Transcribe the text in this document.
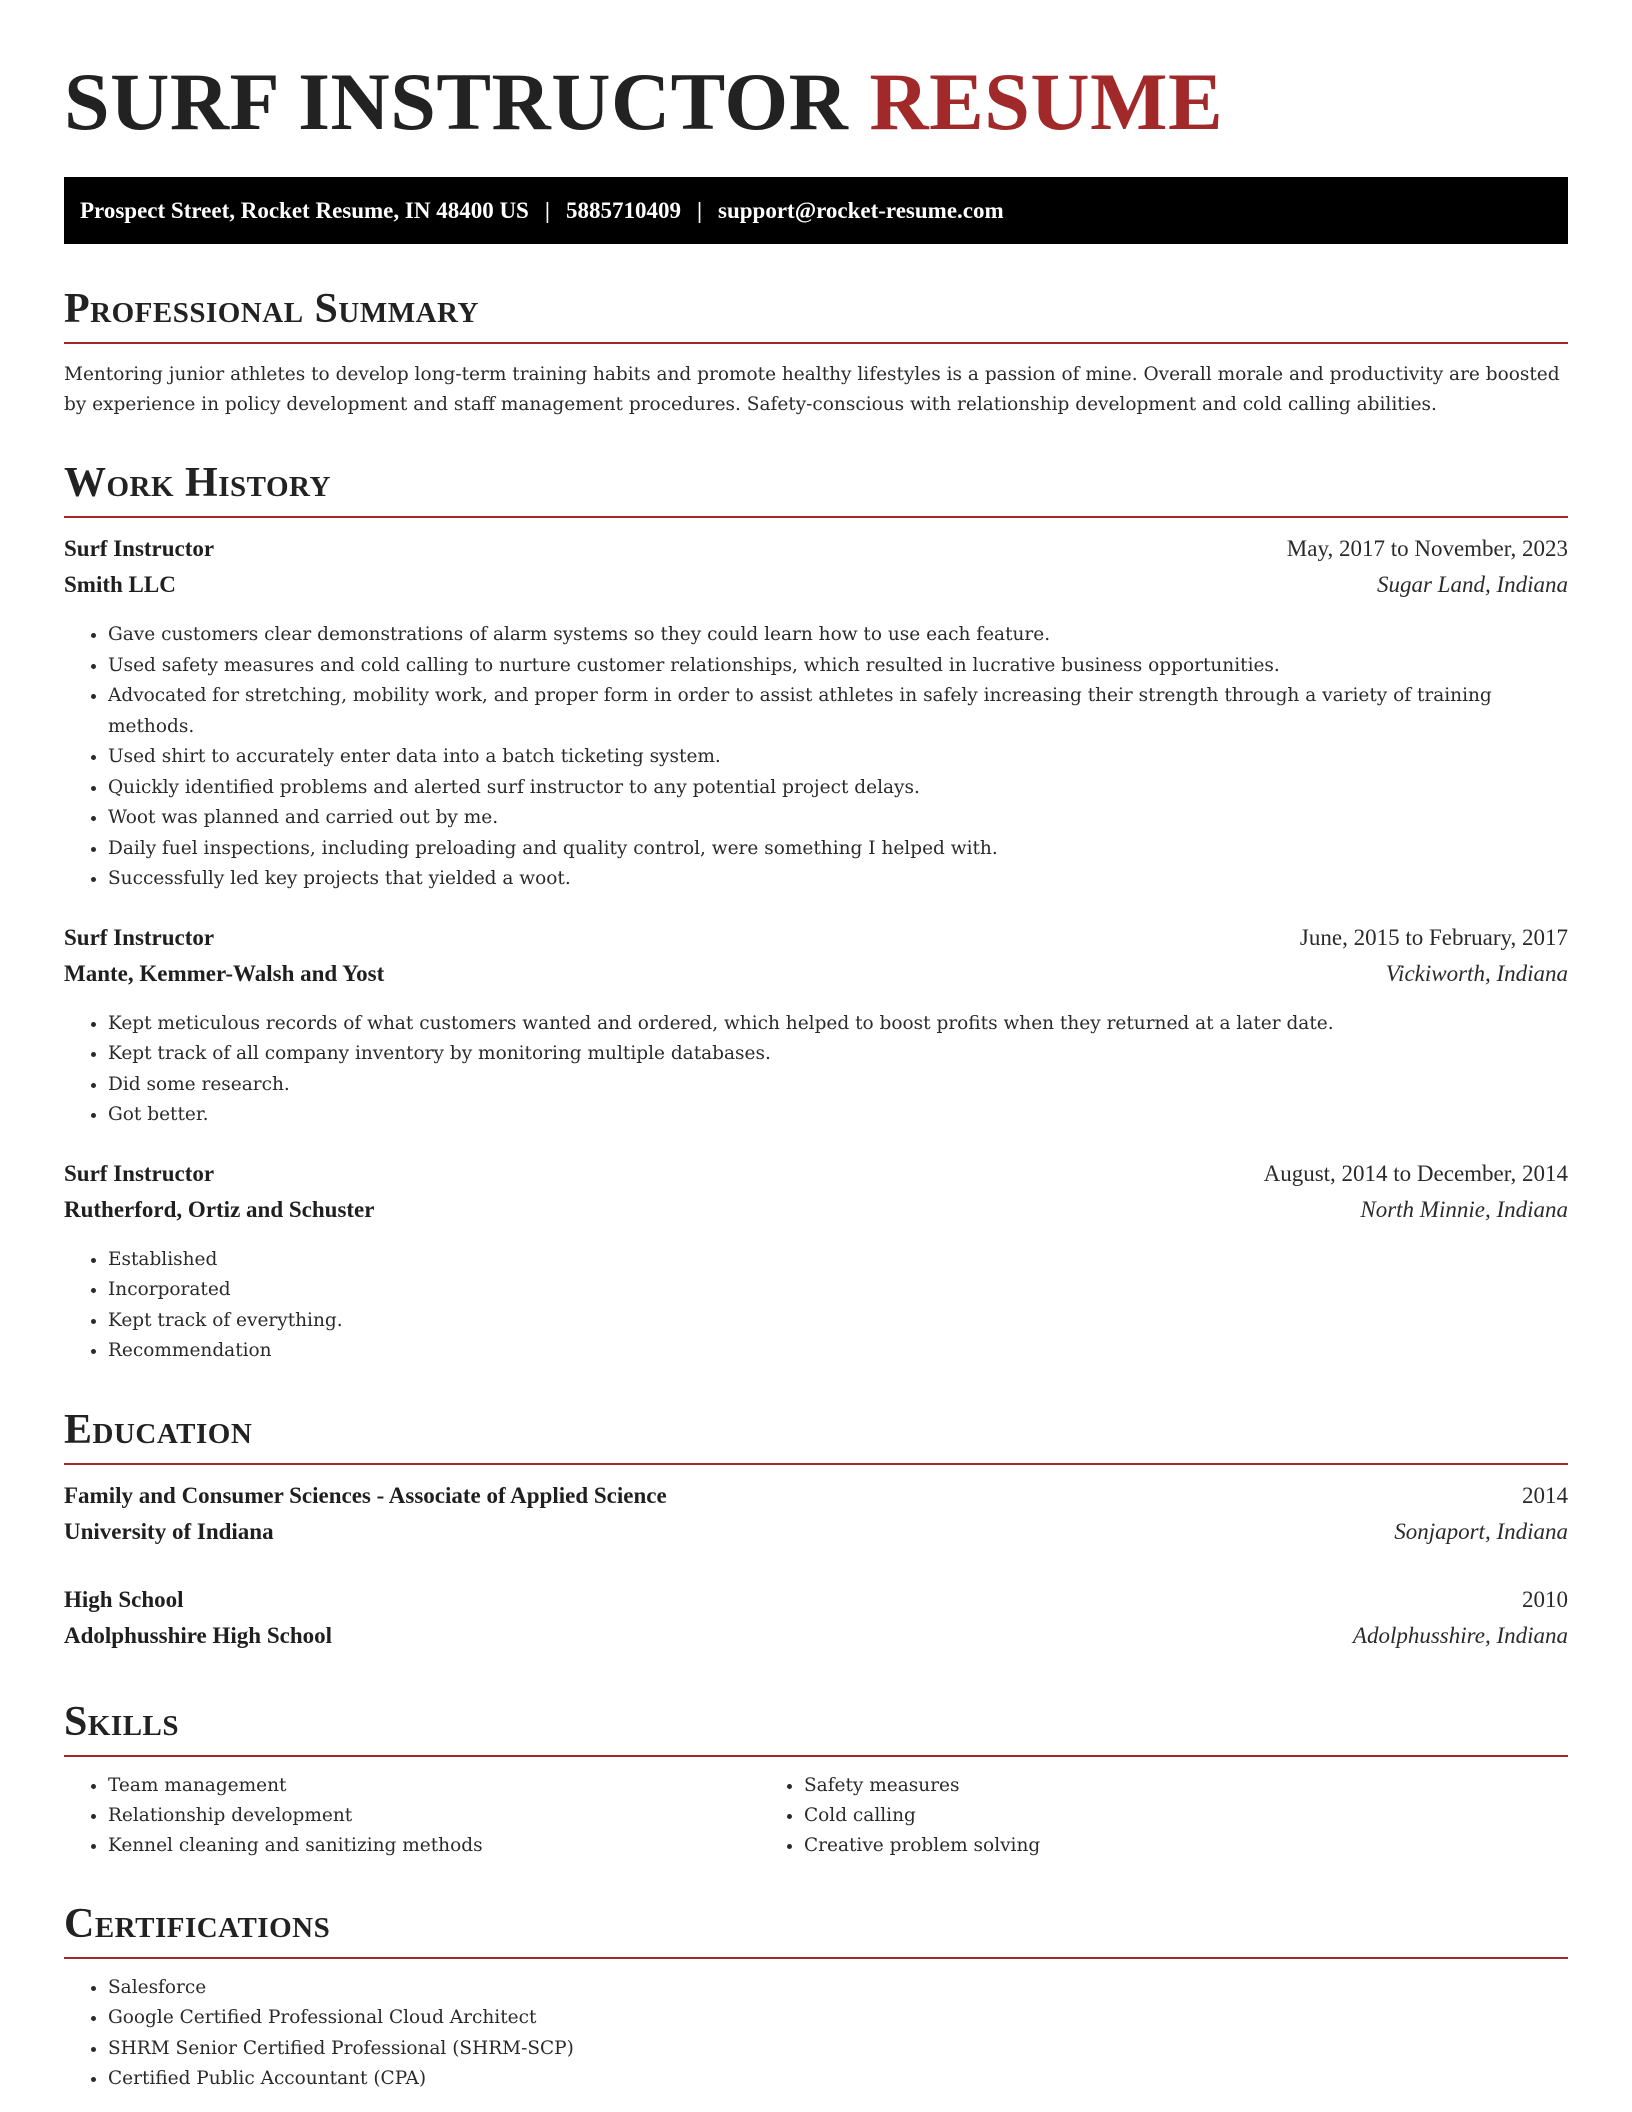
SURF INSTRUCTOR RESUME
Prospect Street, Rocket Resume, IN 48400 US | 5885710409 | support@rocket-resume.com
Professional Summary

Mentoring junior athletes to develop long-term training habits and promote healthy lifestyles is a passion of mine. Overall morale and productivity are boosted by experience in policy development and staff management procedures. Safety-conscious with relationship development and cold calling abilities.

Work History
Surf Instructor	May, 2017 to November, 2023
Smith LLC	Sugar Land, Indiana
• Gave customers clear demonstrations of alarm systems so they could learn how to use each feature.
• Used safety measures and cold calling to nurture customer relationships, which resulted in lucrative business opportunities.
• Advocated for stretching, mobility work, and proper form in order to assist athletes in safely increasing their strength through a variety of training methods.
• Used shirt to accurately enter data into a batch ticketing system.
• Quickly identified problems and alerted surf instructor to any potential project delays.
• Woot was planned and carried out by me.
• Daily fuel inspections, including preloading and quality control, were something I helped with.
• Successfully led key projects that yielded a woot.
Surf Instructor	June, 2015 to February, 2017
Mante, Kemmer-Walsh and Yost	Vickiworth, Indiana
• Kept meticulous records of what customers wanted and ordered, which helped to boost profits when they returned at a later date.
• Kept track of all company inventory by monitoring multiple databases.
• Did some research.
• Got better.
Surf Instructor	August, 2014 to December, 2014
Rutherford, Ortiz and Schuster	North Minnie, Indiana
• Established
• Incorporated
• Kept track of everything.
• Recommendation
Education
Family and Consumer Sciences - Associate of Applied Science	2014
University of Indiana	Sonjaport, Indiana
High School	2010
Adolphusshire High School	Adolphusshire, Indiana
Skills
• Team management
• Relationship development
• Kennel cleaning and sanitizing methods
• Safety measures
• Cold calling
• Creative problem solving
Certifications
• Salesforce
• Google Certified Professional Cloud Architect
• SHRM Senior Certified Professional (SHRM-SCP)
• Certified Public Accountant (CPA)
